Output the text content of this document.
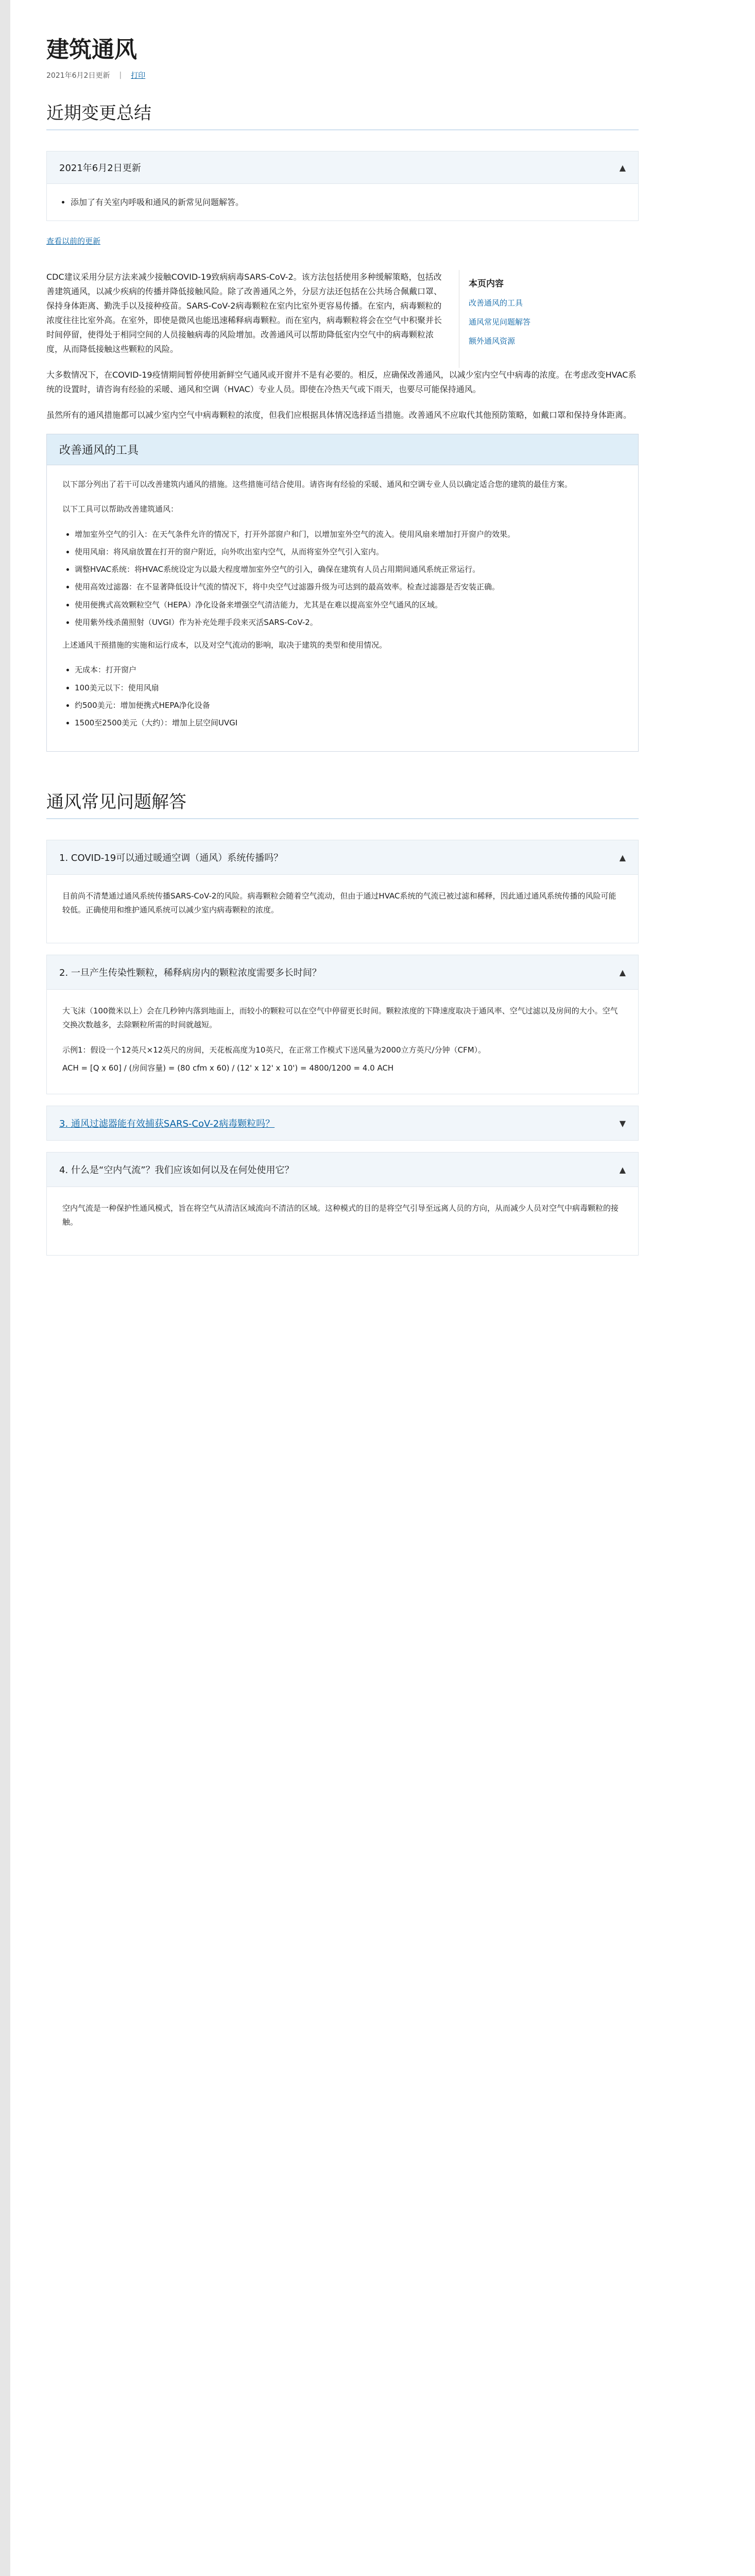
建筑通风
2021年6月2日更新 | 打印
近期变更总结
2021年6月2日更新	▲
• 添加了有关室内呼吸和通风的新常见问题解答。
查看以前的更新

CDC建议采用分层方法来减少接触COVID-19致病病毒SARS-CoV-2。该方法包括使用多种缓解策略，包括改善建筑通风，以减少疾病的传播并降低接触风险。除了改善通风之外，分层方法还包括在公共场合佩戴口罩、保持身体距离、勤洗手以及接种疫苗。SARS-CoV-2病毒颗粒在室内比室外更容易传播。在室内，病毒颗粒的浓度往往比室外高。在室外，即使是微风也能迅速稀释病毒颗粒。而在室内，病毒颗粒将会在空气中积聚并长时间停留，使得处于相同空间的人员接触病毒的风险增加。改善通风可以帮助降低室内空气中的病毒颗粒浓度，从而降低接触这些颗粒的风险。

本页内容
改善通风的工具
通风常见问题解答
额外通风资源

大多数情况下，在COVID-19疫情期间暂停使用新鲜空气通风或开窗并不是有必要的。相反，应确保改善通风，以减少室内空气中病毒的浓度。在考虑改变HVAC系统的设置时，请咨询有经验的采暖、通风和空调（HVAC）专业人员。即使在冷热天气或下雨天，也要尽可能保持通风。

虽然所有的通风措施都可以减少室内空气中病毒颗粒的浓度，但我们应根据具体情况选择适当措施。改善通风不应取代其他预防策略，如戴口罩和保持身体距离。

改善通风的工具

以下部分列出了若干可以改善建筑内通风的措施。这些措施可结合使用。请咨询有经验的采暖、通风和空调专业人员以确定适合您的建筑的最佳方案。

以下工具可以帮助改善建筑通风：

• 增加室外空气的引入：在天气条件允许的情况下，打开外部窗户和门，以增加室外空气的流入。使用风扇来增加打开窗户的效果。
• 使用风扇：将风扇放置在打开的窗户附近，向外吹出室内空气，从而将室外空气引入室内。
• 调整HVAC系统：将HVAC系统设定为以最大程度增加室外空气的引入，确保在建筑有人员占用期间通风系统正常运行。
• 使用高效过滤器：在不显著降低设计气流的情况下，将中央空气过滤器升级为可达到的最高效率。检查过滤器是否安装正确。
• 使用便携式高效颗粒空气（HEPA）净化设备来增强空气清洁能力，尤其是在难以提高室外空气通风的区域。
• 使用紫外线杀菌照射（UVGI）作为补充处理手段来灭活SARS-CoV-2。

上述通风干预措施的实施和运行成本，以及对空气流动的影响，取决于建筑的类型和使用情况。

• 无成本：打开窗户
• 100美元以下：使用风扇
• 约500美元：增加便携式HEPA净化设备
• 1500至2500美元（大约）：增加上层空间UVGI
通风常见问题解答
1. COVID-19可以通过暖通空调（通风）系统传播吗？	▲

目前尚不清楚通过通风系统传播SARS-CoV-2的风险。病毒颗粒会随着空气流动，但由于通过HVAC系统的气流已被过滤和稀释，因此通过通风系统传播的风险可能较低。正确使用和维护通风系统可以减少室内病毒颗粒的浓度。

2. 一旦产生传染性颗粒，稀释病房内的颗粒浓度需要多长时间？	▲

大飞沫（100微米以上）会在几秒钟内落到地面上，而较小的颗粒可以在空气中停留更长时间。颗粒浓度的下降速度取决于通风率、空气过滤以及房间的大小。空气交换次数越多，去除颗粒所需的时间就越短。

示例1：假设一个12英尺×12英尺的房间，天花板高度为10英尺，在正常工作模式下送风量为2000立方英尺/分钟（CFM）。

ACH = [Q x 60] / (房间容量) = (80 cfm x 60) / (12' x 12' x 10') = 4800/1200 = 4.0 ACH

3. 通风过滤器能有效捕获SARS-CoV-2病毒颗粒吗？	▼
4. 什么是“空内气流”？我们应该如何以及在何处使用它？	▲

空内气流是一种保护性通风模式，旨在将空气从清洁区域流向不清洁的区域。这种模式的目的是将空气引导至远离人员的方向，从而减少人员对空气中病毒颗粒的接触。
